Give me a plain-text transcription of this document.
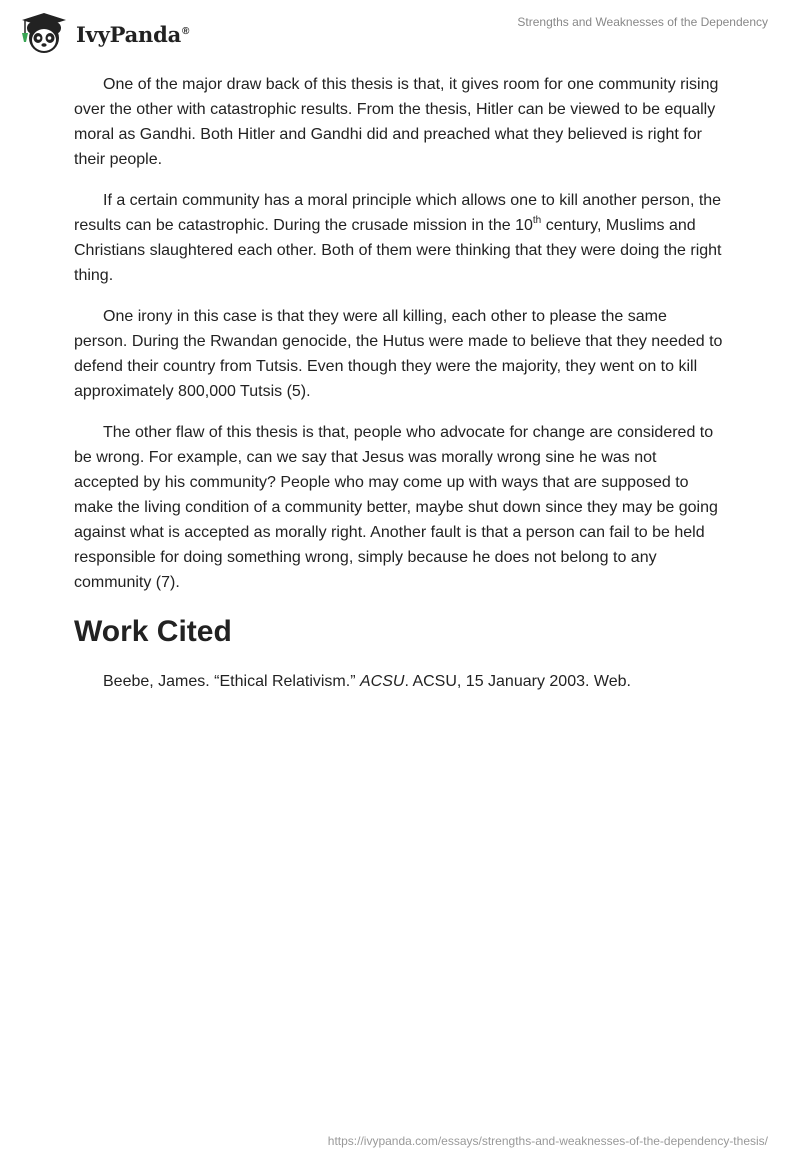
IvyPanda®
Strengths and Weaknesses of the Dependency

One of the major draw back of this thesis is that, it gives room for one community rising over the other with catastrophic results. From the thesis, Hitler can be viewed to be equally moral as Gandhi. Both Hitler and Gandhi did and preached what they believed is right for their people.

If a certain community has a moral principle which allows one to kill another person, the results can be catastrophic. During the crusade mission in the 10th century, Muslims and Christians slaughtered each other. Both of them were thinking that they were doing the right thing.

One irony in this case is that they were all killing, each other to please the same person. During the Rwandan genocide, the Hutus were made to believe that they needed to defend their country from Tutsis. Even though they were the majority, they went on to kill approximately 800,000 Tutsis (5).

The other flaw of this thesis is that, people who advocate for change are considered to be wrong. For example, can we say that Jesus was morally wrong sine he was not accepted by his community? People who may come up with ways that are supposed to make the living condition of a community better, maybe shut down since they may be going against what is accepted as morally right. Another fault is that a person can fail to be held responsible for doing something wrong, simply because he does not belong to any community (7).

Work Cited

Beebe, James. “Ethical Relativism.” ACSU. ACSU, 15 January 2003. Web.

https://ivypanda.com/essays/strengths-and-weaknesses-of-the-dependency-thesis/
